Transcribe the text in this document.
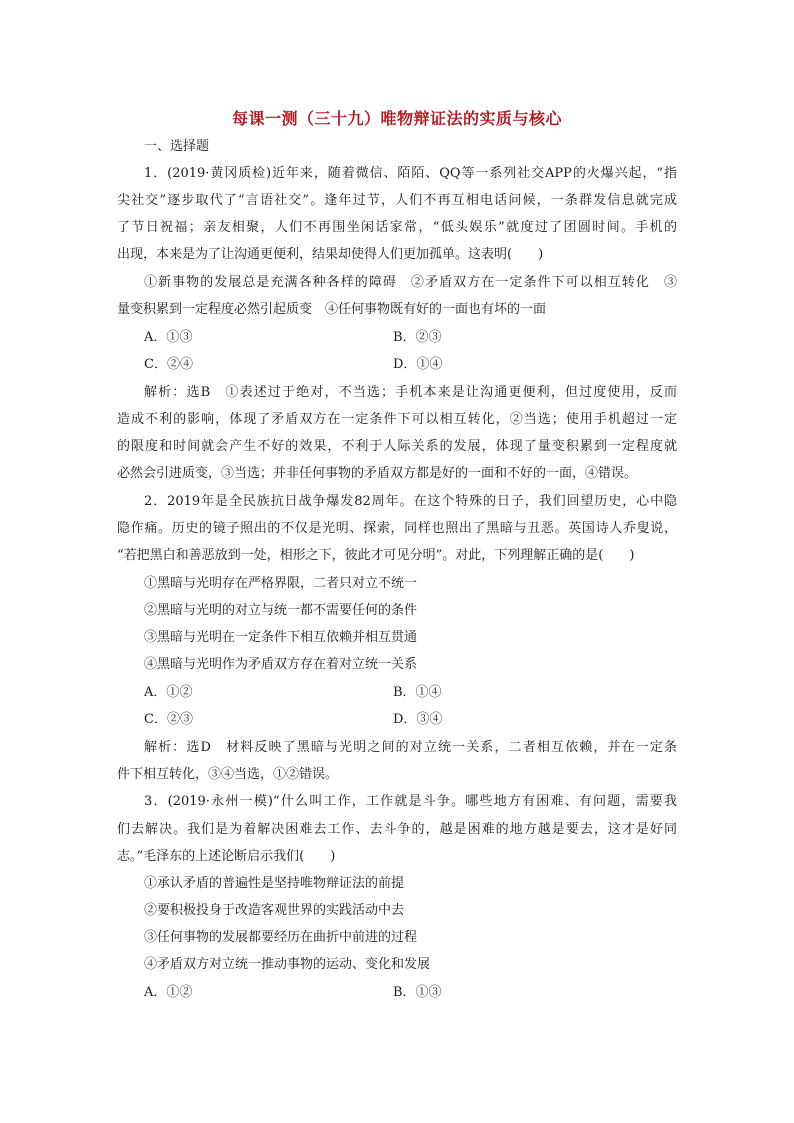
每课一测（三十九）唯物辩证法的实质与核心
一、选择题
1．(2019·黄冈质检)近年来，随着微信、陌陌、QQ等一系列社交APP的火爆兴起，“指
尖社交”逐步取代了“言语社交”。逢年过节，人们不再互相电话问候，一条群发信息就完成
了节日祝福；亲友相聚，人们不再围坐闲话家常，“低头娱乐”就度过了团圆时间。手机的
出现，本来是为了让沟通更便利，结果却使得人们更加孤单。这表明(　　)
①新事物的发展总是充满各种各样的障碍　②矛盾双方在一定条件下可以相互转化　③
量变积累到一定程度必然引起质变　④任何事物既有好的一面也有坏的一面
A．①③	B．②③
C．②④	D．①④
解析：选B　①表述过于绝对，不当选；手机本来是让沟通更便利，但过度使用，反而
造成不利的影响，体现了矛盾双方在一定条件下可以相互转化，②当选；使用手机超过一定
的限度和时间就会产生不好的效果，不利于人际关系的发展，体现了量变积累到一定程度就
必然会引进质变，③当选；并非任何事物的矛盾双方都是好的一面和不好的一面，④错误。
2．2019年是全民族抗日战争爆发82周年。在这个特殊的日子，我们回望历史，心中隐
隐作痛。历史的镜子照出的不仅是光明、探索，同样也照出了黑暗与丑恶。英国诗人乔叟说，
“若把黑白和善恶放到一处，相形之下，彼此才可见分明”。对此，下列理解正确的是(　　)
①黑暗与光明存在严格界限，二者只对立不统一
②黑暗与光明的对立与统一都不需要任何的条件
③黑暗与光明在一定条件下相互依赖并相互贯通
④黑暗与光明作为矛盾双方存在着对立统一关系
A．①②	B．①④
C．②③	D．③④
解析：选D　材料反映了黑暗与光明之间的对立统一关系，二者相互依赖，并在一定条
件下相互转化，③④当选，①②错误。
3．(2019·永州一模)“什么叫工作，工作就是斗争。哪些地方有困难、有问题，需要我
们去解决。我们是为着解决困难去工作、去斗争的，越是困难的地方越是要去，这才是好同
志。”毛泽东的上述论断启示我们(　　)
①承认矛盾的普遍性是坚持唯物辩证法的前提
②要积极投身于改造客观世界的实践活动中去
③任何事物的发展都要经历在曲折中前进的过程
④矛盾双方对立统一推动事物的运动、变化和发展
A．①②	B．①③
